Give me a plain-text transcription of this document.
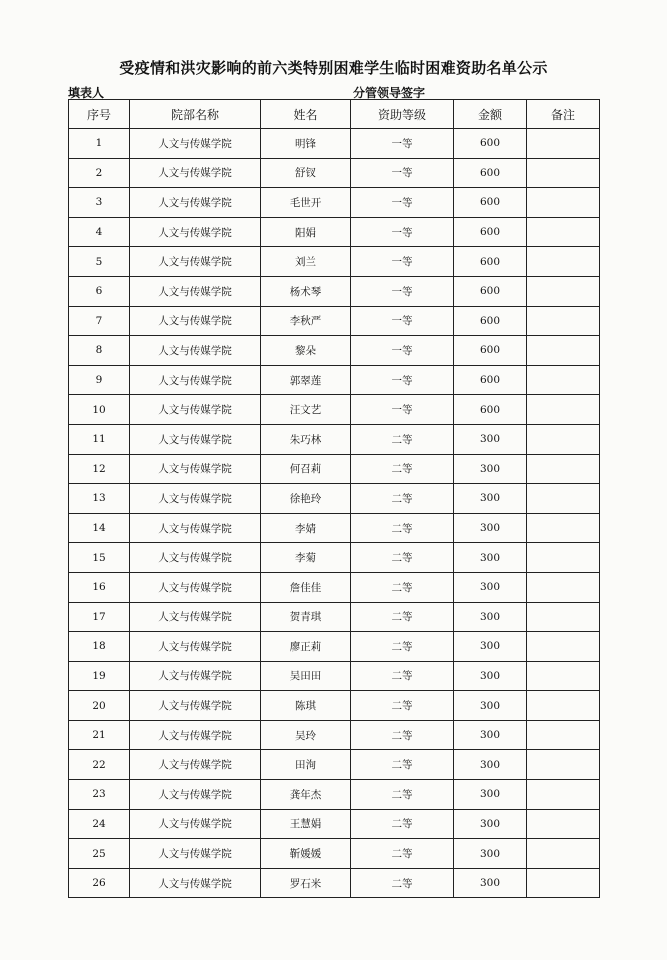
受疫情和洪灾影响的前六类特别困难学生临时困难资助名单公示
填表人	分管领导签字
序号	院部名称	姓名	资助等级	金额	备注
1	人文与传媒学院	明锋	一等	600	
2	人文与传媒学院	舒钗	一等	600	
3	人文与传媒学院	毛世开	一等	600	
4	人文与传媒学院	阳娟	一等	600	
5	人文与传媒学院	刘兰	一等	600	
6	人文与传媒学院	杨术琴	一等	600	
7	人文与传媒学院	李秋严	一等	600	
8	人文与传媒学院	黎朵	一等	600	
9	人文与传媒学院	郭翠莲	一等	600	
10	人文与传媒学院	汪文艺	一等	600	
11	人文与传媒学院	朱巧林	二等	300	
12	人文与传媒学院	何召莉	二等	300	
13	人文与传媒学院	徐艳玲	二等	300	
14	人文与传媒学院	李婧	二等	300	
15	人文与传媒学院	李菊	二等	300	
16	人文与传媒学院	詹佳佳	二等	300	
17	人文与传媒学院	贺青琪	二等	300	
18	人文与传媒学院	廖正莉	二等	300	
19	人文与传媒学院	吴田田	二等	300	
20	人文与传媒学院	陈琪	二等	300	
21	人文与传媒学院	吴玲	二等	300	
22	人文与传媒学院	田洵	二等	300	
23	人文与传媒学院	龚年杰	二等	300	
24	人文与传媒学院	王慧娟	二等	300	
25	人文与传媒学院	靳媛媛	二等	300	
26	人文与传媒学院	罗石米	二等	300	
